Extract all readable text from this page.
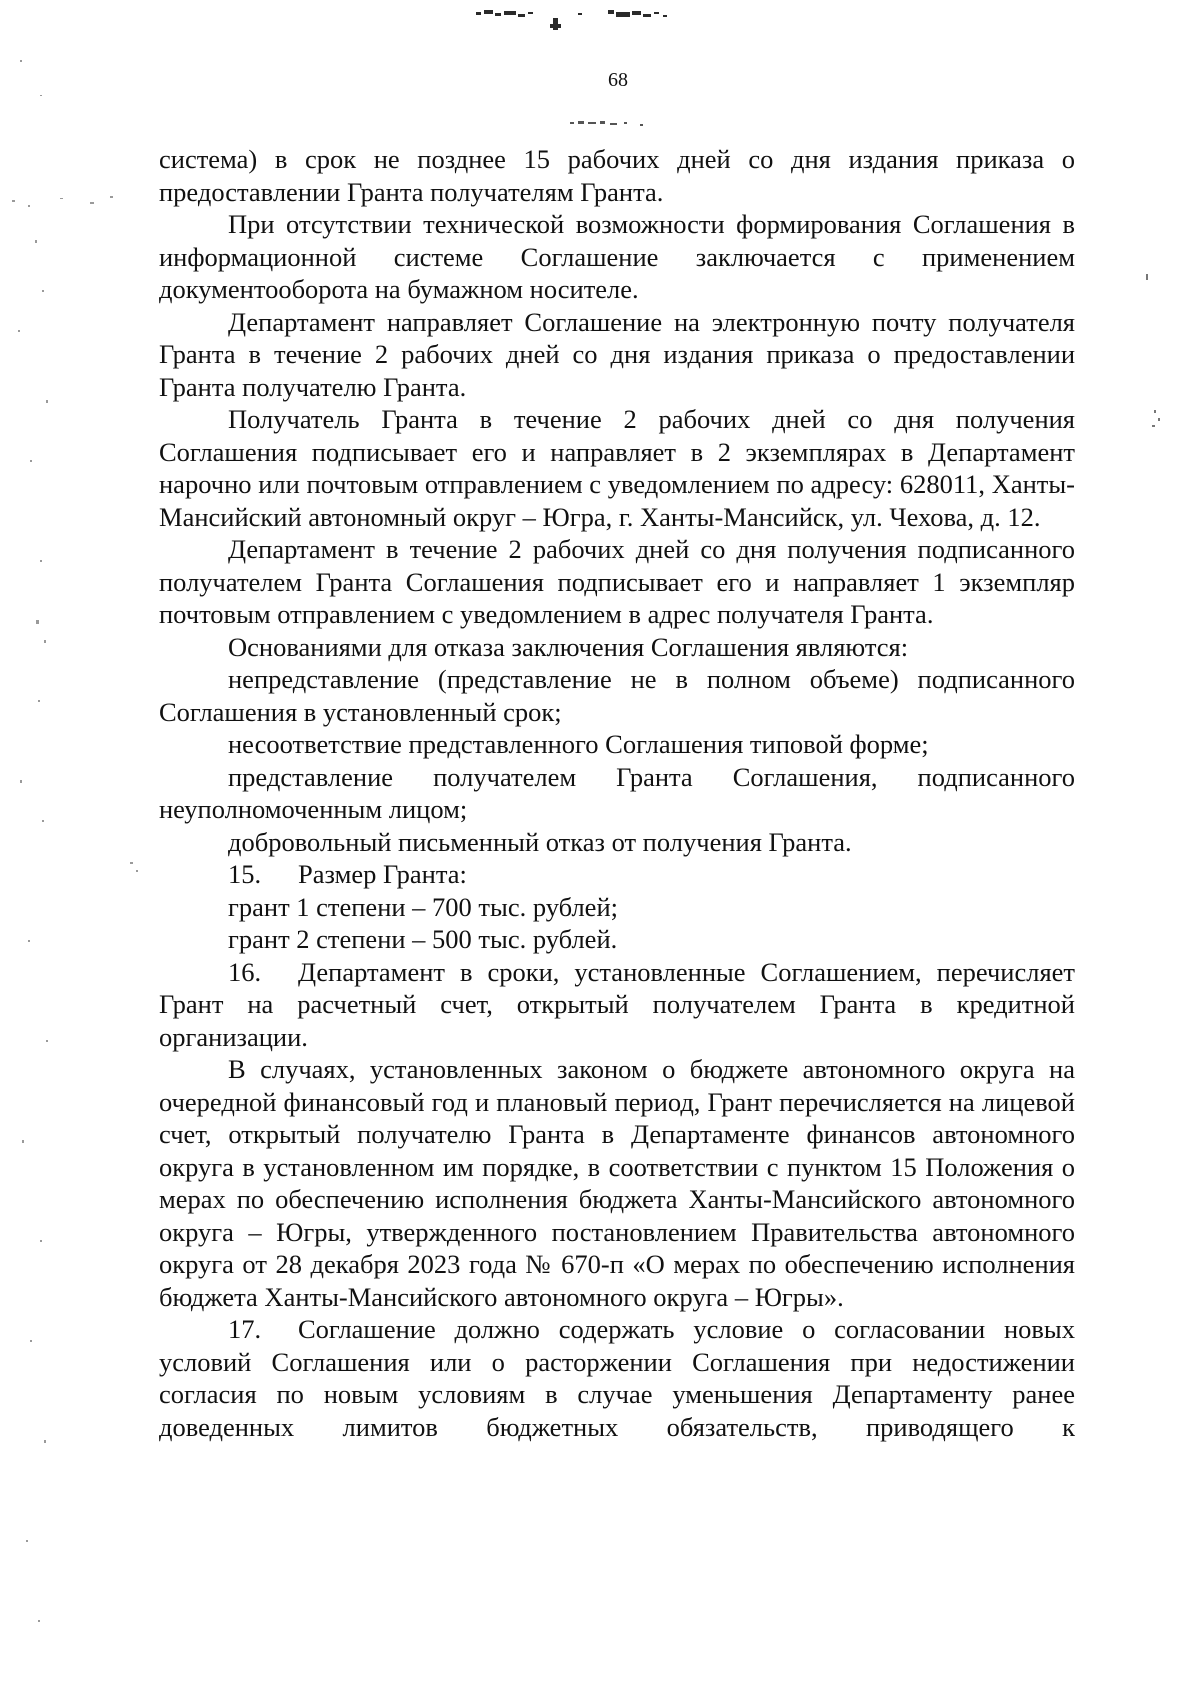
68

система) в срок не позднее 15 рабочих дней со дня издания приказа о предоставлении Гранта получателям Гранта.

При отсутствии технической возможности формирования Соглашения в информационной системе Соглашение заключается с применением документооборота на бумажном носителе.

Департамент направляет Соглашение на электронную почту получателя Гранта в течение 2 рабочих дней со дня издания приказа о предоставлении Гранта получателю Гранта.

Получатель Гранта в течение 2 рабочих дней со дня получения Соглашения подписывает его и направляет в 2 экземплярах в Департамент нарочно или почтовым отправлением с уведомлением по адресу: 628011, Ханты-Мансийский автономный округ – Югра, г. Ханты-Мансийск, ул. Чехова, д. 12.

Департамент в течение 2 рабочих дней со дня получения подписанного получателем Гранта Соглашения подписывает его и направляет 1 экземпляр почтовым отправлением с уведомлением в адрес получателя Гранта.

Основаниями для отказа заключения Соглашения являются:

непредставление (представление не в полном объеме) подписанного Соглашения в установленный срок;

несоответствие представленного Соглашения типовой форме;

представление получателем Гранта Соглашения, подписанного неуполномоченным лицом;

добровольный письменный отказ от получения Гранта.

15. Размер Гранта:

грант 1 степени – 700 тыс. рублей;

грант 2 степени – 500 тыс. рублей.

16. Департамент в сроки, установленные Соглашением, перечисляет Грант на расчетный счет, открытый получателем Гранта в кредитной организации.

В случаях, установленных законом о бюджете автономного округа на очередной финансовый год и плановый период, Грант перечисляется на лицевой счет, открытый получателю Гранта в Департаменте финансов автономного округа в установленном им порядке, в соответствии с пунктом 15 Положения о мерах по обеспечению исполнения бюджета Ханты-Мансийского автономного округа – Югры, утвержденного постановлением Правительства автономного округа от 28 декабря 2023 года № 670-п «О мерах по обеспечению исполнения бюджета Ханты-Мансийского автономного округа – Югры».

17. Соглашение должно содержать условие о согласовании новых условий Соглашения или о расторжении Соглашения при недостижении согласия по новым условиям в случае уменьшения Департаменту ранее доведенных лимитов бюджетных обязательств, приводящего к
